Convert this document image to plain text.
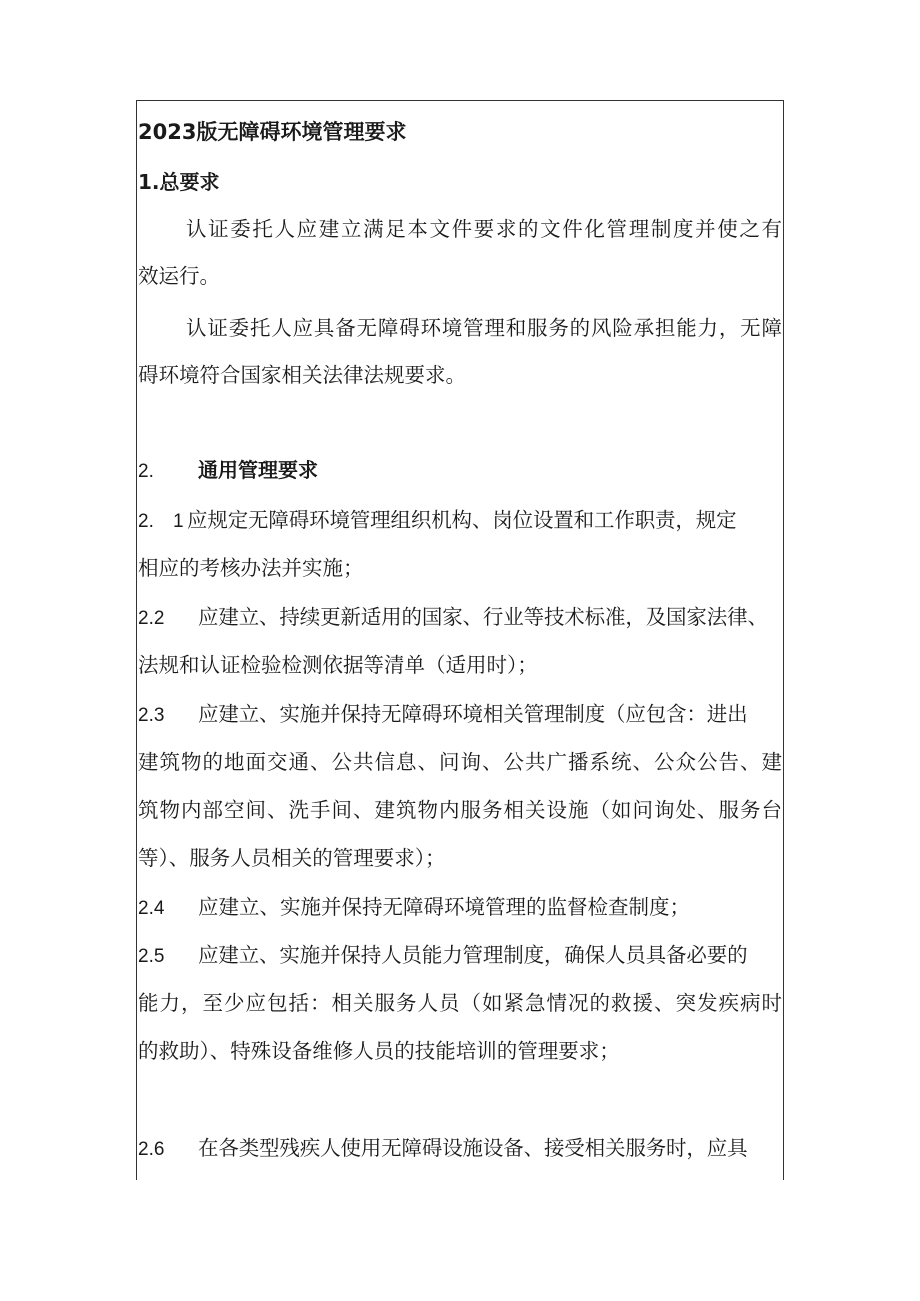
2023版无障碍环境管理要求
1.总要求
认证委托人应建立满足本文件要求的文件化管理制度并使之有
效运行。
认证委托人应具备无障碍环境管理和服务的风险承担能力，无障
碍环境符合国家相关法律法规要求。
2. 通用管理要求
2. 1 应规定无障碍环境管理组织机构、岗位设置和工作职责，规定
相应的考核办法并实施；
2.2 应建立、持续更新适用的国家、行业等技术标准，及国家法律、
法规和认证检验检测依据等清单（适用时）；
2.3 应建立、实施并保持无障碍环境相关管理制度（应包含：进出
建筑物的地面交通、公共信息、问询、公共广播系统、公众公告、建
筑物内部空间、洗手间、建筑物内服务相关设施（如问询处、服务台
等）、服务人员相关的管理要求）；
2.4 应建立、实施并保持无障碍环境管理的监督检查制度；
2.5 应建立、实施并保持人员能力管理制度，确保人员具备必要的
能力，至少应包括：相关服务人员（如紧急情况的救援、突发疾病时
的救助）、特殊设备维修人员的技能培训的管理要求；
2.6 在各类型残疾人使用无障碍设施设备、接受相关服务时，应具
